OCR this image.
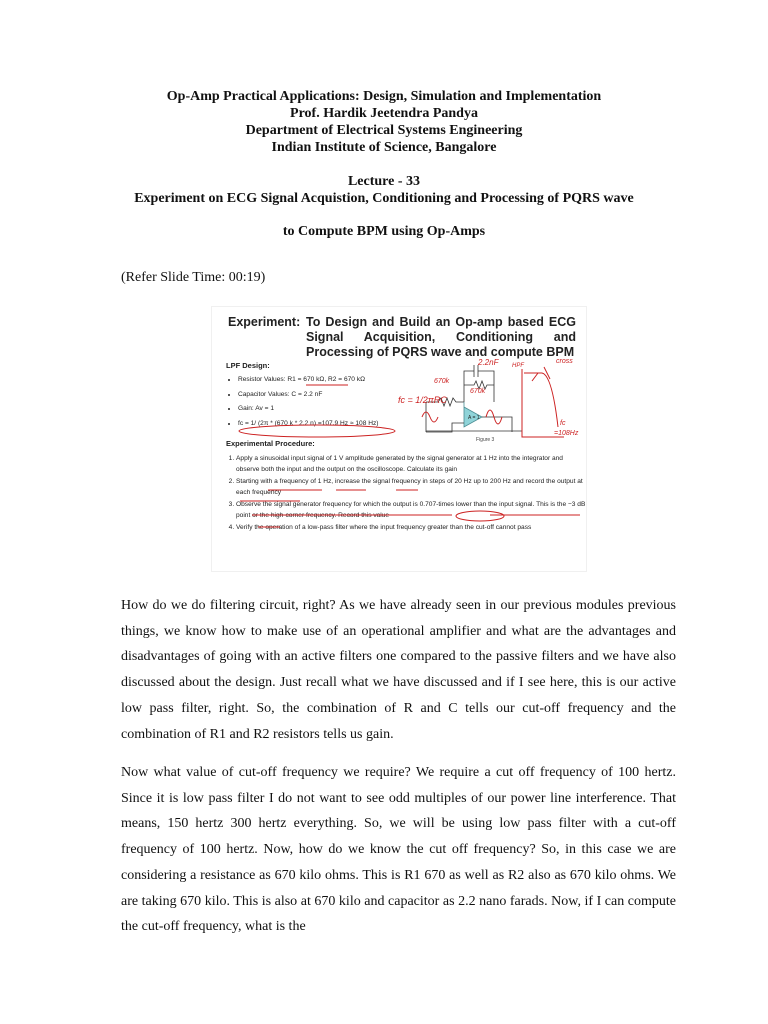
Op-Amp Practical Applications: Design, Simulation and Implementation
Prof. Hardik Jeetendra Pandya
Department of Electrical Systems Engineering
Indian Institute of Science, Bangalore
Lecture - 33
Experiment on ECG Signal Acquistion, Conditioning and Processing of PQRS wave
to Compute BPM using Op-Amps
(Refer Slide Time: 00:19)
Experiment: To Design and Build an Op-amp based ECG Signal Acquisition, Conditioning and Processing of PQRS wave and compute BPM
LPF Design:
• Resistor Values: R1 = 670 kΩ, R2 = 670 kΩ
• Capacitor Values: C = 2.2 nF
• Gain: Av = 1
• fc = 1/ (2π * (670 k * 2.2 n) =107.9 Hz ≈ 108 Hz)
Experimental Procedure:
1. Apply a sinusoidal input signal of 1 V amplitude generated by the signal generator at 1 Hz into the integrator and observe both the input and the output on the oscilloscope. Calculate its gain
2. Starting with a frequency of 1 Hz, increase the signal frequency in steps of 20 Hz up to 200 Hz and record the output at each frequency
3. Observe the signal generator frequency for which the output is 0.707-times lower than the input signal. This is the −3 dB point or the high-corner frequency. Record this value
4. Verify the operation of a low-pass filter where the input frequency greater than the cut-off cannot pass
A = 1
Figure 3
2.2nF
670k
670k
fc = 1/2πRC
cross
fc
=108Hz
HPF

How do we do filtering circuit, right? As we have already seen in our previous modules previous things, we know how to make use of an operational amplifier and what are the advantages and disadvantages of going with an active filters one compared to the passive filters and we have also discussed about the design. Just recall what we have discussed and if I see here, this is our active low pass filter, right. So, the combination of R and C tells our cut-off frequency and the combination of R1 and R2 resistors tells us gain.

Now what value of cut-off frequency we require? We require a cut off frequency of 100 hertz. Since it is low pass filter I do not want to see odd multiples of our power line interference. That means, 150 hertz 300 hertz everything. So, we will be using low pass filter with a cut-off frequency of 100 hertz. Now, how do we know the cut off frequency? So, in this case we are considering a resistance as 670 kilo ohms. This is R1 670 as well as R2 also as 670 kilo ohms. We are taking 670 kilo. This is also at 670 kilo and capacitor as 2.2 nano farads. Now, if I can compute the cut-off frequency, what is the
